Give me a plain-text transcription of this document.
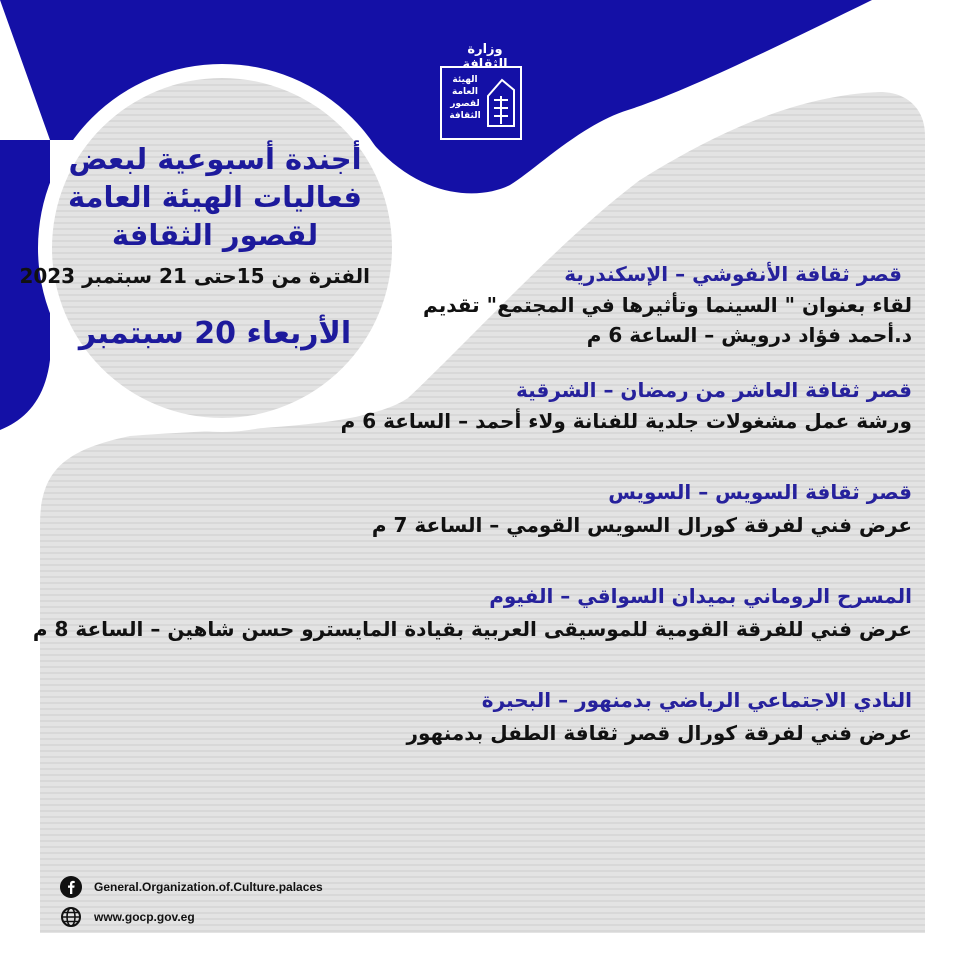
وزارة الثقافة
الهيئة
العامة
لقصور
الثقافة
أجندة أسبوعية لبعض
فعاليات الهيئة العامة
لقصور الثقافة
الفترة من 15حتى 21 سبتمبر 2023
الأربعاء 20 سبتمبر
قصر ثقافة الأنفوشي – الإسكندرية
لقاء بعنوان " السينما وتأثيرها في المجتمع" تقديم
د.أحمد فؤاد درويش – الساعة 6 م
قصر ثقافة العاشر من رمضان – الشرقية
ورشة عمل مشغولات جلدية للفنانة ولاء أحمد – الساعة 6 م
قصر ثقافة السويس – السويس
عرض فني لفرقة كورال السويس القومي – الساعة 7 م
المسرح الروماني بميدان السواقي – الفيوم
عرض فني للفرقة القومية للموسيقى العربية بقيادة المايسترو حسن شاهين – الساعة 8 م
النادي الاجتماعي الرياضي بدمنهور – البحيرة
عرض فني لفرقة كورال قصر ثقافة الطفل بدمنهور
General.Organization.of.Culture.palaces
www.gocp.gov.eg
